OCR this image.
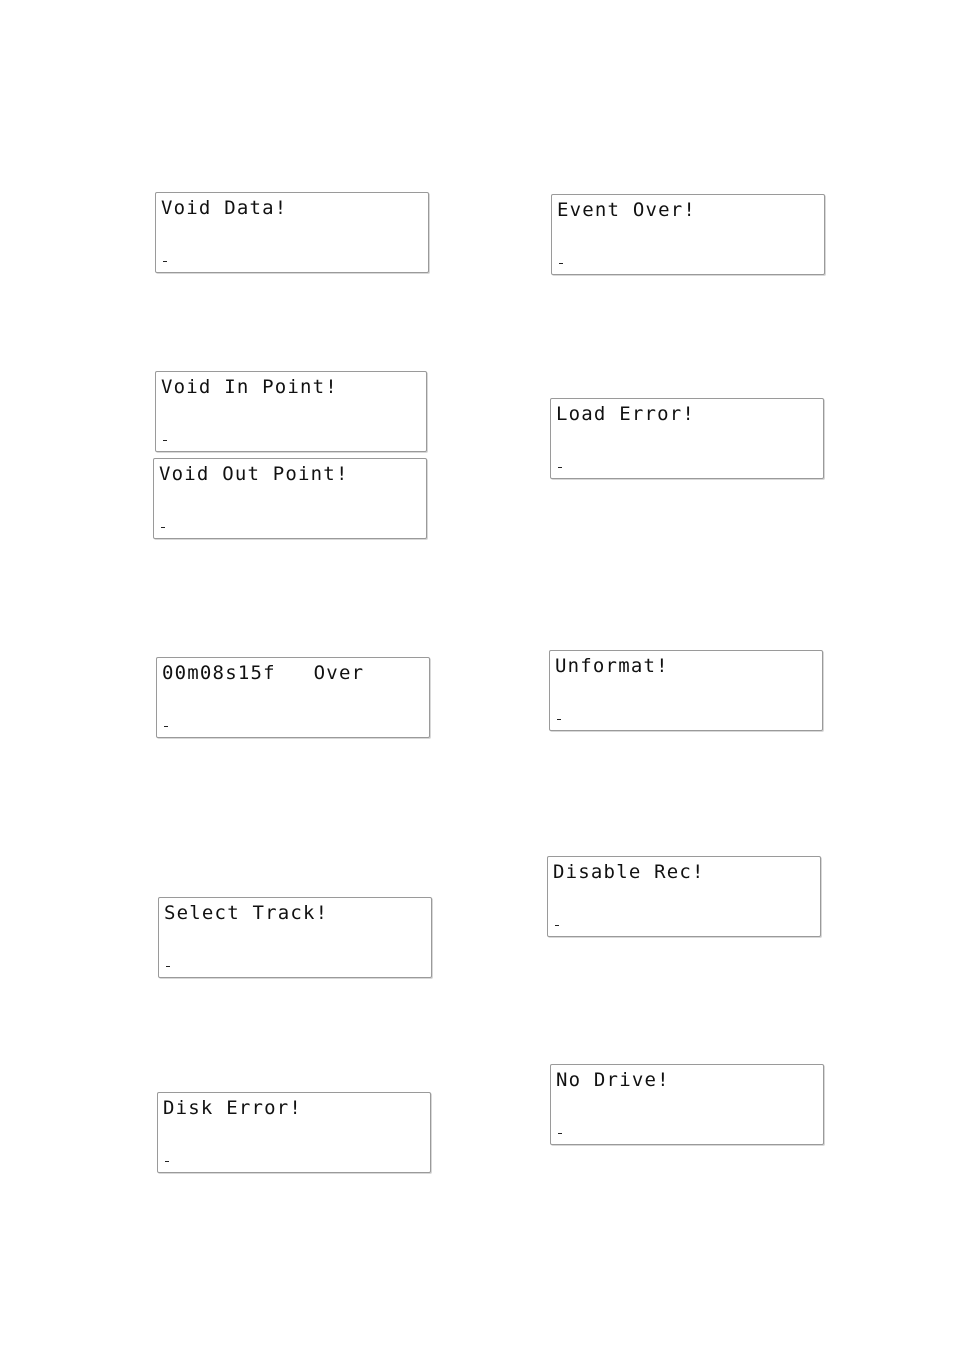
Void Data!
Void In Point!
Void Out Point!
00m08s15f   Over
Select Track!
Disk Error!
Event Over!
Load Error!
Unformat!
Disable Rec!
No Drive!
